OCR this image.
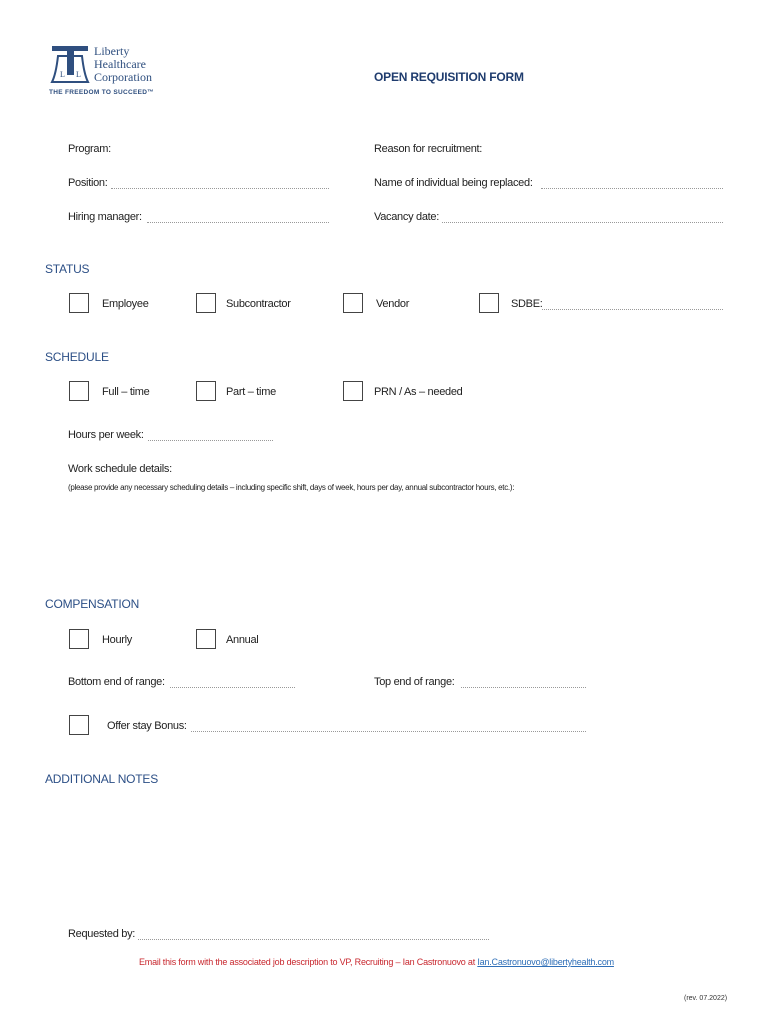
L L
Liberty
Healthcare
Corporation
THE FREEDOM TO SUCCEED™
OPEN REQUISITION FORM
Program:	Reason for recruitment:
Position:	Name of individual being replaced:
Hiring manager:	Vacancy date:
STATUS
Employee	Subcontractor	Vendor	SDBE:
SCHEDULE
Full – time	Part – time	PRN / As – needed
Hours per week:
Work schedule details:
(please provide any necessary scheduling details – including specific shift, days of week, hours per day, annual subcontractor hours, etc.):
COMPENSATION
Hourly	Annual
Bottom end of range:	Top end of range:
Offer stay Bonus:
ADDITIONAL NOTES
Requested by:
Email this form with the associated job description to VP, Recruiting – Ian Castronuovo at Ian.Castronuovo@libertyhealth.com
(rev. 07.2022)
